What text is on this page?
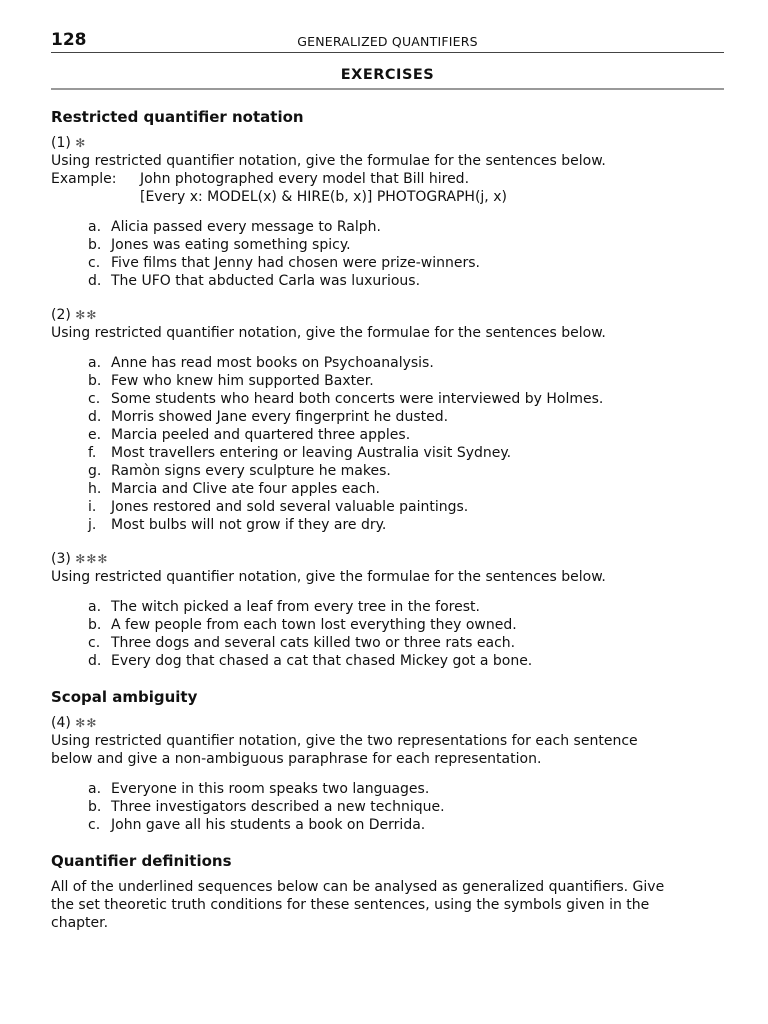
128	GENERALIZED QUANTIFIERS
EXERCISES
Restricted quantifier notation
(1) ✻
Using restricted quantifier notation, give the formulae for the sentences below.
Example:	John photographed every model that Bill hired.
[Every x: MODEL(x) & HIRE(b, x)] PHOTOGRAPH(j, x)
a. Alicia passed every message to Ralph.
b. Jones was eating something spicy.
c. Five films that Jenny had chosen were prize-winners.
d. The UFO that abducted Carla was luxurious.
(2) ✻✻
Using restricted quantifier notation, give the formulae for the sentences below.
a. Anne has read most books on Psychoanalysis.
b. Few who knew him supported Baxter.
c. Some students who heard both concerts were interviewed by Holmes.
d. Morris showed Jane every fingerprint he dusted.
e. Marcia peeled and quartered three apples.
f.	Most travellers entering or leaving Australia visit Sydney.
g. Ramòn signs every sculpture he makes.
h. Marcia and Clive ate four apples each.
i.	Jones restored and sold several valuable paintings.
j.	Most bulbs will not grow if they are dry.
(3) ✻✻✻
Using restricted quantifier notation, give the formulae for the sentences below.
a. The witch picked a leaf from every tree in the forest.
b. A few people from each town lost everything they owned.
c. Three dogs and several cats killed two or three rats each.
d. Every dog that chased a cat that chased Mickey got a bone.
Scopal ambiguity
(4) ✻✻
Using restricted quantifier notation, give the two representations for each sentence
below and give a non-ambiguous paraphrase for each representation.
a. Everyone in this room speaks two languages.
b. Three investigators described a new technique.
c. John gave all his students a book on Derrida.
Quantifier definitions
All of the underlined sequences below can be analysed as generalized quantifiers. Give
the set theoretic truth conditions for these sentences, using the symbols given in the
chapter.
